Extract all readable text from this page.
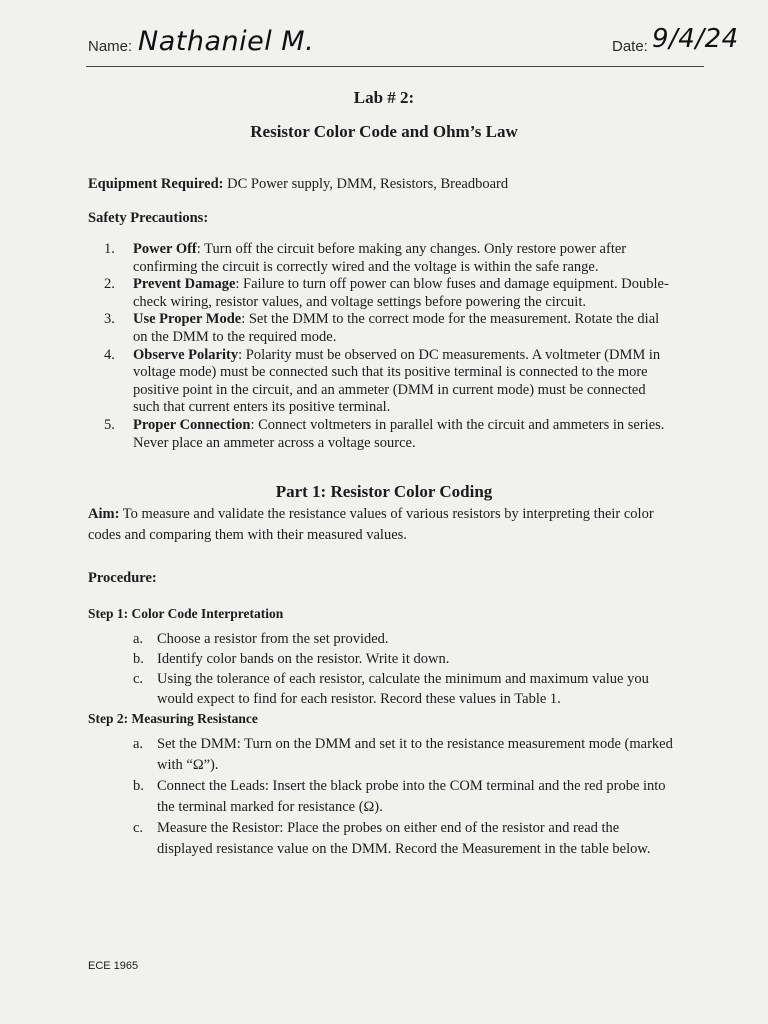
Name: Nathaniel M.	Date: 9/4/24
Lab # 2:
Resistor Color Code and Ohm’s Law
Equipment Required: DC Power supply, DMM, Resistors, Breadboard
Safety Precautions:
1. Power Off: Turn off the circuit before making any changes. Only restore power after confirming the circuit is correctly wired and the voltage is within the safe range.
2. Prevent Damage: Failure to turn off power can blow fuses and damage equipment. Double-check wiring, resistor values, and voltage settings before powering the circuit.
3. Use Proper Mode: Set the DMM to the correct mode for the measurement. Rotate the dial on the DMM to the required mode.
4. Observe Polarity: Polarity must be observed on DC measurements. A voltmeter (DMM in voltage mode) must be connected such that its positive terminal is connected to the more positive point in the circuit, and an ammeter (DMM in current mode) must be connected such that current enters its positive terminal.
5. Proper Connection: Connect voltmeters in parallel with the circuit and ammeters in series. Never place an ammeter across a voltage source.
Part 1: Resistor Color Coding
Aim: To measure and validate the resistance values of various resistors by interpreting their color codes and comparing them with their measured values.
Procedure:
Step 1: Color Code Interpretation
a. Choose a resistor from the set provided.
b. Identify color bands on the resistor. Write it down.
c. Using the tolerance of each resistor, calculate the minimum and maximum value you would expect to find for each resistor. Record these values in Table 1.
Step 2: Measuring Resistance
a. Set the DMM: Turn on the DMM and set it to the resistance measurement mode (marked with “Ω”).
b. Connect the Leads: Insert the black probe into the COM terminal and the red probe into the terminal marked for resistance (Ω).
c. Measure the Resistor: Place the probes on either end of the resistor and read the displayed resistance value on the DMM. Record the Measurement in the table below.
ECE 1965
